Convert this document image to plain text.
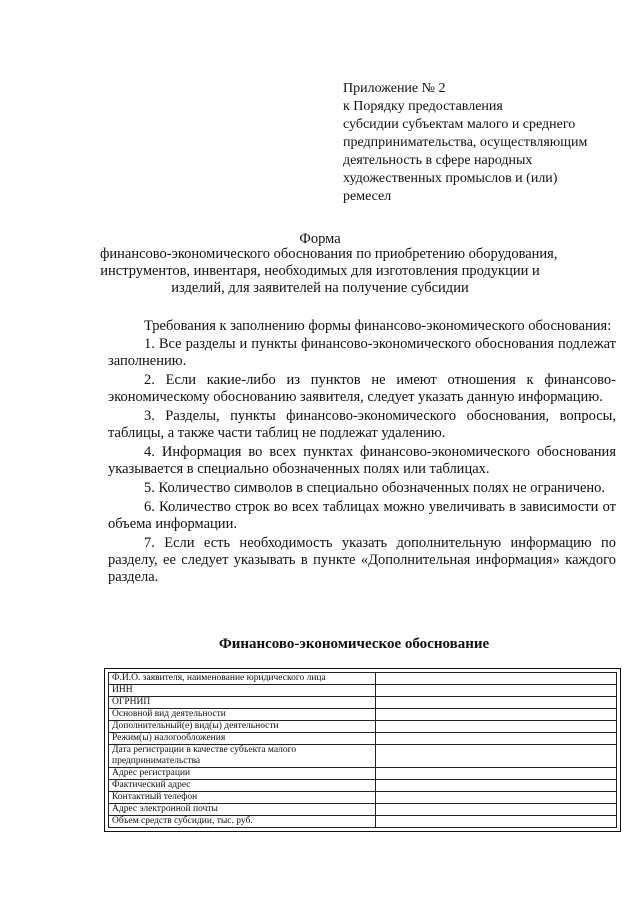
Приложение № 2
к Порядку предоставления
субсидии субъектам малого и среднего
предпринимательства, осуществляющим
деятельность в сфере народных
художественных промыслов и (или)
ремесел
Форма
финансово-экономического обоснования по приобретению оборудования,
инструментов, инвентаря, необходимых для изготовления продукции и
изделий, для заявителей на получение субсидии

Требования к заполнению формы финансово-экономического обоснования:

1. Все разделы и пункты финансово-экономического обоснования подлежат заполнению.

2. Если какие-либо из пунктов не имеют отношения к финансово-экономическому обоснованию заявителя, следует указать данную информацию.

3. Разделы, пункты финансово-экономического обоснования, вопросы, таблицы, а также части таблиц не подлежат удалению.

4. Информация во всех пунктах финансово-экономического обоснования указывается в специально обозначенных полях или таблицах.

5. Количество символов в специально обозначенных полях не ограничено.

6. Количество строк во всех таблицах можно увеличивать в зависимости от объема информации.

7. Если есть необходимость указать дополнительную информацию по разделу, ее следует указывать в пункте «Дополнительная информация» каждого раздела.

Финансово-экономическое обоснование
Ф.И.О. заявителя, наименование юридического лица	
ИНН	
ОГРНИП	
Основной вид деятельности	
Дополнительный(е) вид(ы) деятельности	
Режим(ы) налогообложения	
Дата регистрации в качестве субъекта малого предпринимательства	
Адрес регистрации	
Фактический адрес	
Контактный телефон	
Адрес электронной почты	
Объем средств субсидии, тыс. руб.	
